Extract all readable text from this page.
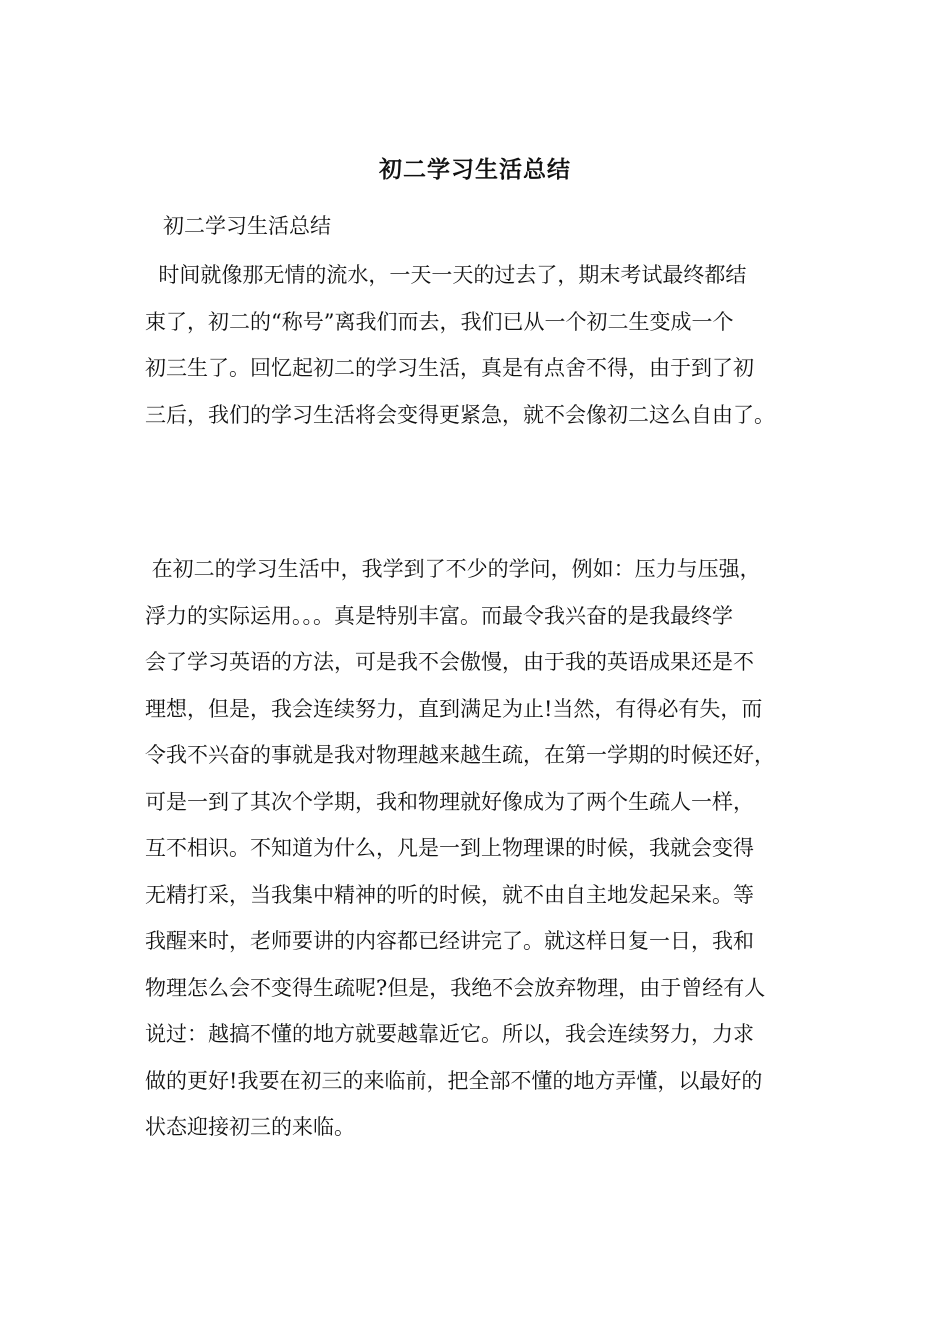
初二学习生活总结
初二学习生活总结
时间就像那无情的流水，一天一天的过去了，期末考试最终都结
束了，初二的“称号”离我们而去，我们已从一个初二生变成一个
初三生了。回忆起初二的学习生活，真是有点舍不得，由于到了初
三后，我们的学习生活将会变得更紧急，就不会像初二这么自由了。
在初二的学习生活中，我学到了不少的学问，例如：压力与压强，
浮力的实际运用。。。真是特别丰富。而最令我兴奋的是我最终学
会了学习英语的方法，可是我不会傲慢，由于我的英语成果还是不
理想，但是，我会连续努力，直到满足为止!当然，有得必有失，而
令我不兴奋的事就是我对物理越来越生疏，在第一学期的时候还好，
可是一到了其次个学期，我和物理就好像成为了两个生疏人一样，
互不相识。不知道为什么，凡是一到上物理课的时候，我就会变得
无精打采，当我集中精神的听的时候，就不由自主地发起呆来。等
我醒来时，老师要讲的内容都已经讲完了。就这样日复一日，我和
物理怎么会不变得生疏呢?但是，我绝不会放弃物理，由于曾经有人
说过：越搞不懂的地方就要越靠近它。所以，我会连续努力，力求
做的更好!我要在初三的来临前，把全部不懂的地方弄懂，以最好的
状态迎接初三的来临。
